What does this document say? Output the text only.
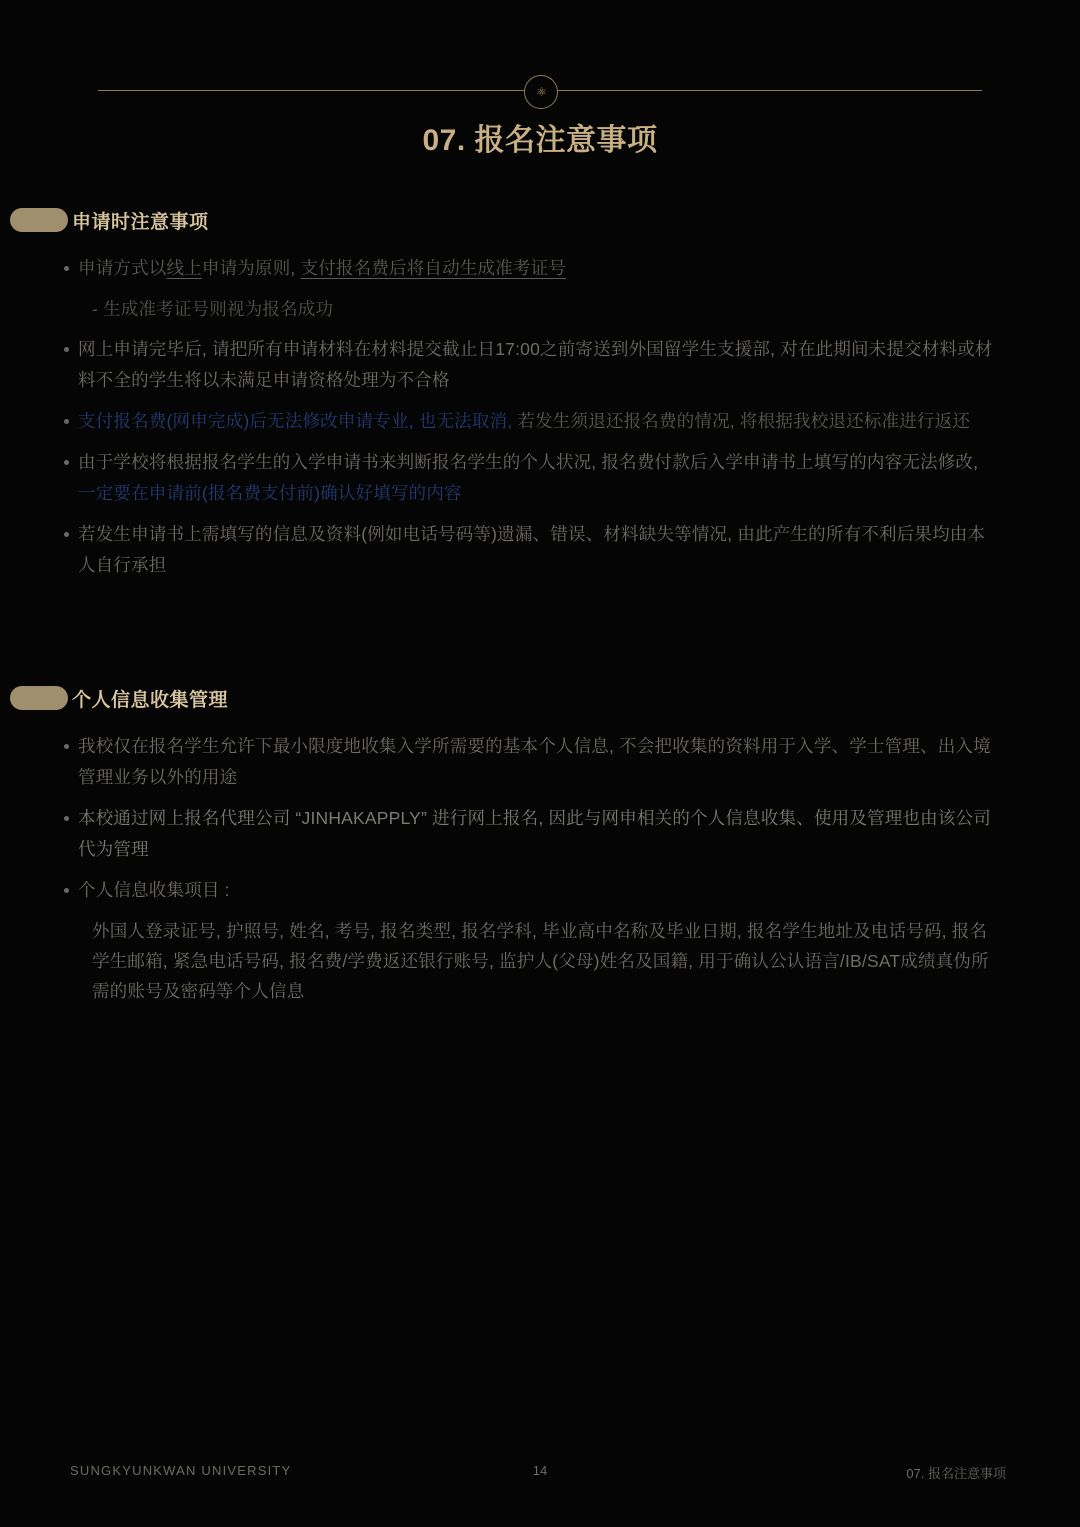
⚛
07. 报名注意事项
申请时注意事项
申请方式以线上申请为原则, 支付报名费后将自动生成准考证号
- 生成准考证号则视为报名成功
网上申请完毕后, 请把所有申请材料在材料提交截止日17:00之前寄送到外国留学生支援部, 对在此期间未提交材料或材料不全的学生将以未满足申请资格处理为不合格
支付报名费(网申完成)后无法修改申请专业, 也无法取消, 若发生须退还报名费的情况, 将根据我校退还标准进行返还
由于学校将根据报名学生的入学申请书来判断报名学生的个人状况, 报名费付款后入学申请书上填写的内容无法修改, 一定要在申请前(报名费支付前)确认好填写的内容
若发生申请书上需填写的信息及资料(例如电话号码等)遗漏、错误、材料缺失等情况, 由此产生的所有不利后果均由本人自行承担
个人信息收集管理
我校仅在报名学生允许下最小限度地收集入学所需要的基本个人信息, 不会把收集的资料用于入学、学士管理、出入境管理业务以外的用途
本校通过网上报名代理公司 “JINHAKAPPLY” 进行网上报名, 因此与网申相关的个人信息收集、使用及管理也由该公司代为管理
个人信息收集项目 :
外国人登录证号, 护照号, 姓名, 考号, 报名类型, 报名学科, 毕业高中名称及毕业日期, 报名学生地址及电话号码, 报名学生邮箱, 紧急电话号码, 报名费/学费返还银行账号, 监护人(父母)姓名及国籍, 用于确认公认语言/IB/SAT成绩真伪所需的账号及密码等个人信息
SUNGKYUNKWAN UNIVERSITY	14	07. 报名注意事项
